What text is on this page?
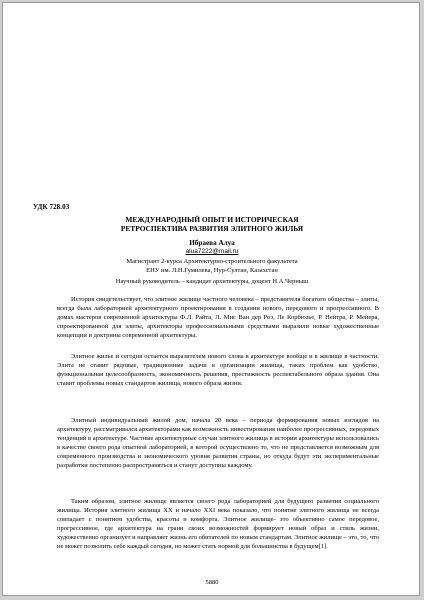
УДК 728.03
МЕЖДУНАРОДНЫЙ ОПЫТ И ИСТОРИЧЕСКАЯ
РЕТРОСПЕКТИВА РАЗВИТИЯ ЭЛИТНОГО ЖИЛЬЯ
Ибраева Алуа
alua7222@mail.ru
Магистрант 2-курса Архитектурно-строительного факультета
ЕНУ им. Л.Н.Гумилева, Нур-Султан, Казахстан
Научный руководитель – кандидат архитектуры, доцент Н.А.Черныш

История свидетельствует, что элитное жилище частного человека – представителя богатого общества – элиты, всегда была лабораторией архитектурного проектирования в создании нового, передового и прогрессивного. В домах мастеров современной архитектуры Ф.Л. Райта, Л. Мис Ван дер Роэ, Ле Корбюзье, Р. Нейтра, Р. Мейера, спроектированной для элиты, архитекторы профессиональными средствами выразили новые художественные концепции и доктрины современной архитектуры.

Элитное жилье и сегодня остается выразителем нового слова в архитектуре вообще и в жилище в частности. Элита не ставит рядовые, традиционные задачи в организации жилища, таких проблем как удобство, функциональная целесообразность, экономичность решения, престижность респектабельного образа здания. Она ставит проблемы новых стандартов жилища, нового образа жизни.

Элитный индивидуальный жилой дом, начала 20 века – периода формирования новых взглядов на архитектуру, рассматривался архитекторами как возможность инвестирования наиболее прогрессивных, передовых тенденций в архитектуре. Частные архитектурные случаи элитного жилища в истории архитектуры использовались в качестве своего рода опытной лабораторией, в которой осуществлено то, что не представляется возможным для современного производства и экономического уровня развития страны, но откуда будут эти экспериментальные разработки постепенно распространяться и станут доступны каждому.

Таким образом, элитное жилище является своего рода лабораторией для будущего развития социального жилища. История элитного жилища XX и начало XXI века показало, что понятие элитного жилища не всегда совпадает с понятием удобства, красоты и комфорта. Элитное жилище- это объективно самое передовое, прогрессивное, где архитектура на грани своих возможностей формирует новый образ и стиль жизни, художественно организует и направляет жизнь его обитателей по новым стандартам. Элитное жилище – это, то, что не может позволить себе каждый сегодня, но может стать нормой для большинства в будущем[1].

5880
